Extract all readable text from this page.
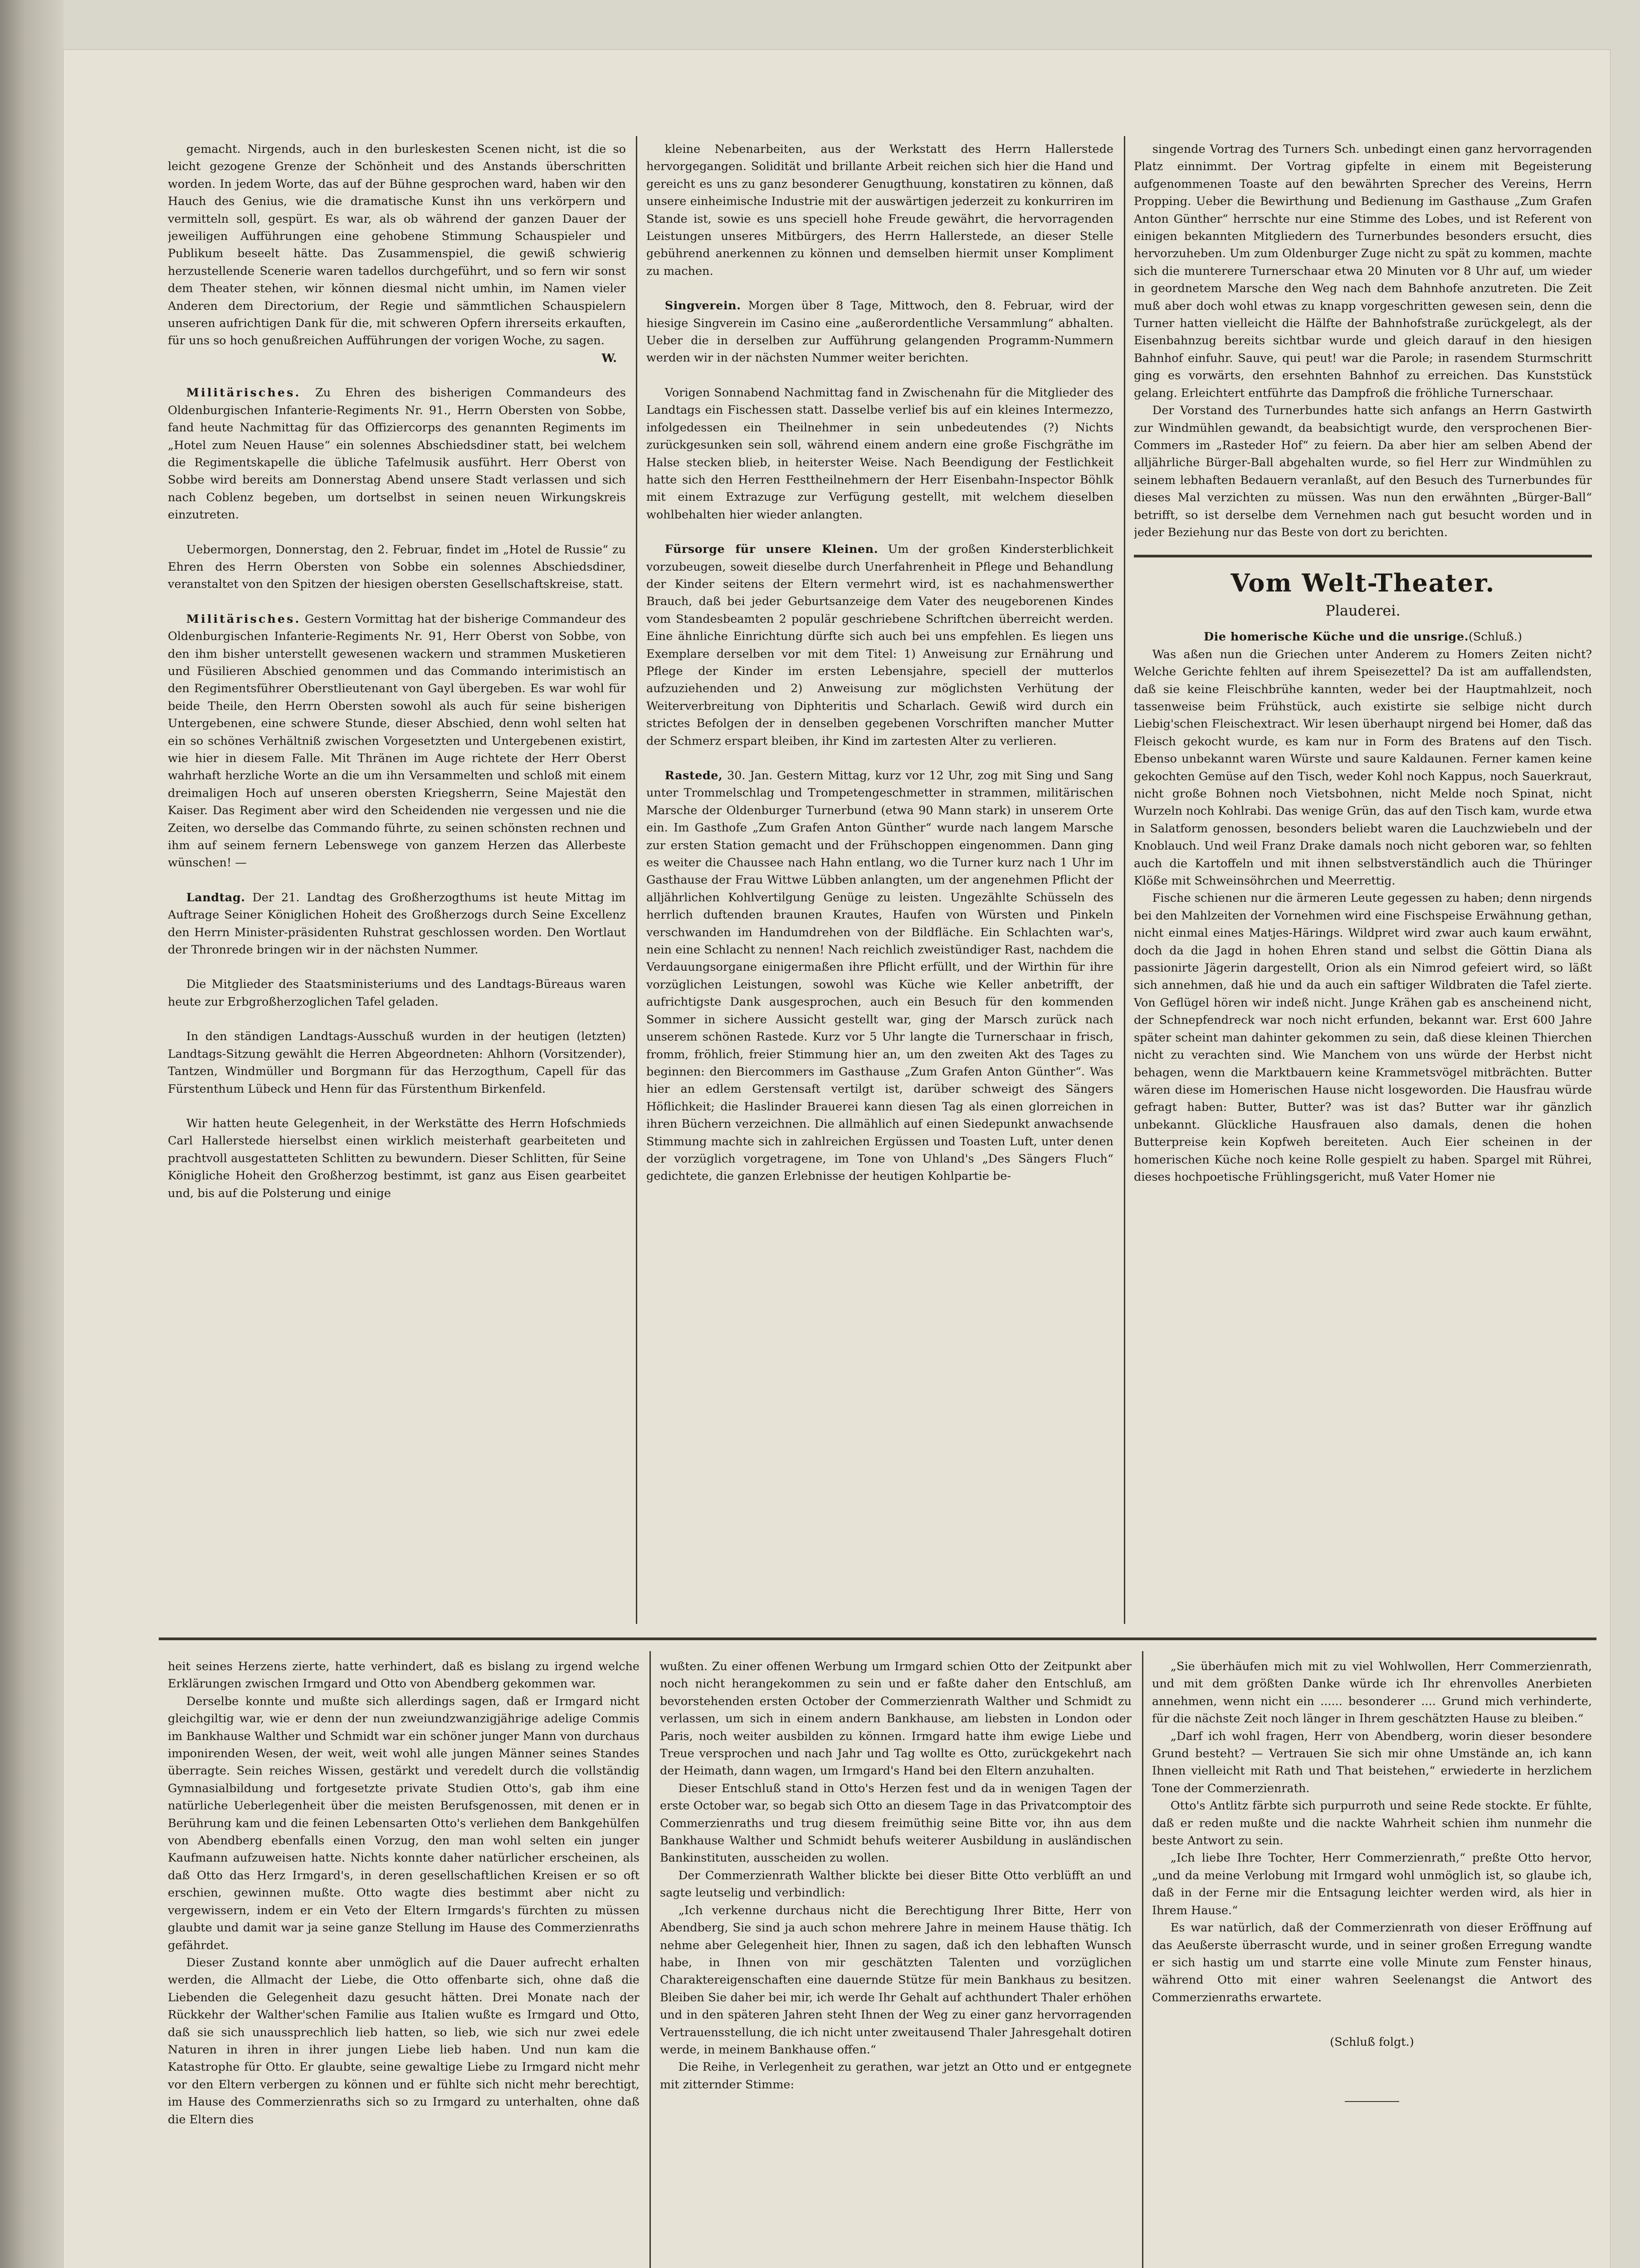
gemacht. Nirgends, auch in den burleskesten Scenen nicht, ist die so leicht gezogene Grenze der Schönheit und des Anstands überschritten worden. In jedem Worte, das auf der Bühne gesprochen ward, haben wir den Hauch des Genius, wie die dramatische Kunst ihn uns verkörpern und vermitteln soll, gespürt. Es war, als ob während der ganzen Dauer der jeweiligen Aufführungen eine gehobene Stimmung Schauspieler und Publikum beseelt hätte. Das Zusammenspiel, die gewiß schwierig herzustellende Scenerie waren tadellos durchgeführt, und so fern wir sonst dem Theater stehen, wir können diesmal nicht umhin, im Namen vieler Anderen dem Directorium, der Regie und sämmtlichen Schauspielern unseren aufrichtigen Dank für die, mit schweren Opfern ihrerseits erkauften, für uns so hoch genußreichen Aufführungen der vorigen Woche, zu sagen.

W.

Militärisches. Zu Ehren des bisherigen Commandeurs des Oldenburgischen Infanterie-Regiments Nr. 91., Herrn Obersten von Sobbe, fand heute Nachmittag für das Offiziercorps des genannten Regiments im „Hotel zum Neuen Hause“ ein solennes Abschiedsdiner statt, bei welchem die Regimentskapelle die übliche Tafelmusik ausführt. Herr Oberst von Sobbe wird bereits am Donnerstag Abend unsere Stadt verlassen und sich nach Coblenz begeben, um dortselbst in seinen neuen Wirkungskreis einzutreten.

Uebermorgen, Donnerstag, den 2. Februar, findet im „Hotel de Russie“ zu Ehren des Herrn Obersten von Sobbe ein solennes Abschiedsdiner, veranstaltet von den Spitzen der hiesigen obersten Gesellschaftskreise, statt.

Militärisches. Gestern Vormittag hat der bisherige Commandeur des Oldenburgischen Infanterie-Regiments Nr. 91, Herr Oberst von Sobbe, von den ihm bisher unterstellt gewesenen wackern und strammen Musketieren und Füsilieren Abschied genommen und das Commando interimistisch an den Regimentsführer Oberstlieutenant von Gayl übergeben. Es war wohl für beide Theile, den Herrn Obersten sowohl als auch für seine bisherigen Untergebenen, eine schwere Stunde, dieser Abschied, denn wohl selten hat ein so schönes Verhältniß zwischen Vorgesetzten und Untergebenen existirt, wie hier in diesem Falle. Mit Thränen im Auge richtete der Herr Oberst wahrhaft herzliche Worte an die um ihn Versammelten und schloß mit einem dreimaligen Hoch auf unseren obersten Kriegsherrn, Seine Majestät den Kaiser. Das Regiment aber wird den Scheidenden nie vergessen und nie die Zeiten, wo derselbe das Commando führte, zu seinen schönsten rechnen und ihm auf seinem fernern Lebenswege von ganzem Herzen das Allerbeste wünschen! —

Landtag. Der 21. Landtag des Großherzogthums ist heute Mittag im Auftrage Seiner Königlichen Hoheit des Großherzogs durch Seine Excellenz den Herrn Minister-präsidenten Ruhstrat geschlossen worden. Den Wortlaut der Thronrede bringen wir in der nächsten Nummer.

Die Mitglieder des Staatsministeriums und des Landtags-Büreaus waren heute zur Erbgroßherzoglichen Tafel geladen.

In den ständigen Landtags-Ausschuß wurden in der heutigen (letzten) Landtags-Sitzung gewählt die Herren Abgeordneten: Ahlhorn (Vorsitzender), Tantzen, Windmüller und Borgmann für das Herzogthum, Capell für das Fürstenthum Lübeck und Henn für das Fürstenthum Birkenfeld.

Wir hatten heute Gelegenheit, in der Werkstätte des Herrn Hofschmieds Carl Hallerstede hierselbst einen wirklich meisterhaft gearbeiteten und prachtvoll ausgestatteten Schlitten zu bewundern. Dieser Schlitten, für Seine Königliche Hoheit den Großherzog bestimmt, ist ganz aus Eisen gearbeitet und, bis auf die Polsterung und einige

kleine Nebenarbeiten, aus der Werkstatt des Herrn Hallerstede hervorgegangen. Solidität und brillante Arbeit reichen sich hier die Hand und gereicht es uns zu ganz besonderer Genugthuung, konstatiren zu können, daß unsere einheimische Industrie mit der auswärtigen jederzeit zu konkurriren im Stande ist, sowie es uns speciell hohe Freude gewährt, die hervorragenden Leistungen unseres Mitbürgers, des Herrn Hallerstede, an dieser Stelle gebührend anerkennen zu können und demselben hiermit unser Kompliment zu machen.

Singverein. Morgen über 8 Tage, Mittwoch, den 8. Februar, wird der hiesige Singverein im Casino eine „außerordentliche Versammlung“ abhalten. Ueber die in derselben zur Aufführung gelangenden Programm-Nummern werden wir in der nächsten Nummer weiter berichten.

Vorigen Sonnabend Nachmittag fand in Zwischenahn für die Mitglieder des Landtags ein Fischessen statt. Dasselbe verlief bis auf ein kleines Intermezzo, infolgedessen ein Theilnehmer in sein unbedeutendes (?) Nichts zurückgesunken sein soll, während einem andern eine große Fischgräthe im Halse stecken blieb, in heiterster Weise. Nach Beendigung der Festlichkeit hatte sich den Herren Festtheilnehmern der Herr Eisenbahn-Inspector Böhlk mit einem Extrazuge zur Verfügung gestellt, mit welchem dieselben wohlbehalten hier wieder anlangten.

Fürsorge für unsere Kleinen. Um der großen Kindersterblichkeit vorzubeugen, soweit dieselbe durch Unerfahrenheit in Pflege und Behandlung der Kinder seitens der Eltern vermehrt wird, ist es nachahmenswerther Brauch, daß bei jeder Geburtsanzeige dem Vater des neugeborenen Kindes vom Standesbeamten 2 populär geschriebene Schriftchen überreicht werden. Eine ähnliche Einrichtung dürfte sich auch bei uns empfehlen. Es liegen uns Exemplare derselben vor mit dem Titel: 1) Anweisung zur Ernährung und Pflege der Kinder im ersten Lebensjahre, speciell der mutterlos aufzuziehenden und 2) Anweisung zur möglichsten Verhütung der Weiterverbreitung von Diphteritis und Scharlach. Gewiß wird durch ein strictes Befolgen der in denselben gegebenen Vorschriften mancher Mutter der Schmerz erspart bleiben, ihr Kind im zartesten Alter zu verlieren.

Rastede, 30. Jan. Gestern Mittag, kurz vor 12 Uhr, zog mit Sing und Sang unter Trommelschlag und Trompetengeschmetter in strammen, militärischen Marsche der Oldenburger Turnerbund (etwa 90 Mann stark) in unserem Orte ein. Im Gasthofe „Zum Grafen Anton Günther“ wurde nach langem Marsche zur ersten Station gemacht und der Frühschoppen eingenommen. Dann ging es weiter die Chaussee nach Hahn entlang, wo die Turner kurz nach 1 Uhr im Gasthause der Frau Wittwe Lübben anlangten, um der angenehmen Pflicht der alljährlichen Kohlvertilgung Genüge zu leisten. Ungezählte Schüsseln des herrlich duftenden braunen Krautes, Haufen von Würsten und Pinkeln verschwanden im Handumdrehen von der Bildfläche. Ein Schlachten war's, nein eine Schlacht zu nennen! Nach reichlich zweistündiger Rast, nachdem die Verdauungsorgane einigermaßen ihre Pflicht erfüllt, und der Wirthin für ihre vorzüglichen Leistungen, sowohl was Küche wie Keller anbetrifft, der aufrichtigste Dank ausgesprochen, auch ein Besuch für den kommenden Sommer in sichere Aussicht gestellt war, ging der Marsch zurück nach unserem schönen Rastede. Kurz vor 5 Uhr langte die Turnerschaar in frisch, fromm, fröhlich, freier Stimmung hier an, um den zweiten Akt des Tages zu beginnen: den Biercommers im Gasthause „Zum Grafen Anton Günther“. Was hier an edlem Gerstensaft vertilgt ist, darüber schweigt des Sängers Höflichkeit; die Haslinder Brauerei kann diesen Tag als einen glorreichen in ihren Büchern verzeichnen. Die allmählich auf einen Siedepunkt anwachsende Stimmung machte sich in zahlreichen Ergüssen und Toasten Luft, unter denen der vorzüglich vorgetragene, im Tone von Uhland's „Des Sängers Fluch“ gedichtete, die ganzen Erlebnisse der heutigen Kohlpartie be-

singende Vortrag des Turners Sch. unbedingt einen ganz hervorragenden Platz einnimmt. Der Vortrag gipfelte in einem mit Begeisterung aufgenommenen Toaste auf den bewährten Sprecher des Vereins, Herrn Propping. Ueber die Bewirthung und Bedienung im Gasthause „Zum Grafen Anton Günther“ herrschte nur eine Stimme des Lobes, und ist Referent von einigen bekannten Mitgliedern des Turnerbundes besonders ersucht, dies hervorzuheben. Um zum Oldenburger Zuge nicht zu spät zu kommen, machte sich die munterere Turnerschaar etwa 20 Minuten vor 8 Uhr auf, um wieder in geordnetem Marsche den Weg nach dem Bahnhofe anzutreten. Die Zeit muß aber doch wohl etwas zu knapp vorgeschritten gewesen sein, denn die Turner hatten vielleicht die Hälfte der Bahnhofstraße zurückgelegt, als der Eisenbahnzug bereits sichtbar wurde und gleich darauf in den hiesigen Bahnhof einfuhr. Sauve, qui peut! war die Parole; in rasendem Sturmschritt ging es vorwärts, den ersehnten Bahnhof zu erreichen. Das Kunststück gelang. Erleichtert entführte das Dampfroß die fröhliche Turnerschaar.

Der Vorstand des Turnerbundes hatte sich anfangs an Herrn Gastwirth zur Windmühlen gewandt, da beabsichtigt wurde, den versprochenen Bier-Commers im „Rasteder Hof“ zu feiern. Da aber hier am selben Abend der alljährliche Bürger-Ball abgehalten wurde, so fiel Herr zur Windmühlen zu seinem lebhaften Bedauern veranlaßt, auf den Besuch des Turnerbundes für dieses Mal verzichten zu müssen. Was nun den erwähnten „Bürger-Ball“ betrifft, so ist derselbe dem Vernehmen nach gut besucht worden und in jeder Beziehung nur das Beste von dort zu berichten.

Vom Welt-Theater.
Plauderei.

Die homerische Küche und die unsrige.(Schluß.)

Was aßen nun die Griechen unter Anderem zu Homers Zeiten nicht? Welche Gerichte fehlten auf ihrem Speisezettel? Da ist am auffallendsten, daß sie keine Fleischbrühe kannten, weder bei der Hauptmahlzeit, noch tassenweise beim Frühstück, auch existirte sie selbige nicht durch Liebig'schen Fleischextract. Wir lesen überhaupt nirgend bei Homer, daß das Fleisch gekocht wurde, es kam nur in Form des Bratens auf den Tisch. Ebenso unbekannt waren Würste und saure Kaldaunen. Ferner kamen keine gekochten Gemüse auf den Tisch, weder Kohl noch Kappus, noch Sauerkraut, nicht große Bohnen noch Vietsbohnen, nicht Melde noch Spinat, nicht Wurzeln noch Kohlrabi. Das wenige Grün, das auf den Tisch kam, wurde etwa in Salatform genossen, besonders beliebt waren die Lauchzwiebeln und der Knoblauch. Und weil Franz Drake damals noch nicht geboren war, so fehlten auch die Kartoffeln und mit ihnen selbstverständlich auch die Thüringer Klöße mit Schweinsöhrchen und Meerrettig.

Fische schienen nur die ärmeren Leute gegessen zu haben; denn nirgends bei den Mahlzeiten der Vornehmen wird eine Fischspeise Erwähnung gethan, nicht einmal eines Matjes-Härings. Wildpret wird zwar auch kaum erwähnt, doch da die Jagd in hohen Ehren stand und selbst die Göttin Diana als passionirte Jägerin dargestellt, Orion als ein Nimrod gefeiert wird, so läßt sich annehmen, daß hie und da auch ein saftiger Wildbraten die Tafel zierte. Von Geflügel hören wir indeß nicht. Junge Krähen gab es anscheinend nicht, der Schnepfendreck war noch nicht erfunden, bekannt war. Erst 600 Jahre später scheint man dahinter gekommen zu sein, daß diese kleinen Thierchen nicht zu verachten sind. Wie Manchem von uns würde der Herbst nicht behagen, wenn die Marktbauern keine Krammetsvögel mitbrächten. Butter wären diese im Homerischen Hause nicht losgeworden. Die Hausfrau würde gefragt haben: Butter, Butter? was ist das? Butter war ihr gänzlich unbekannt. Glückliche Hausfrauen also damals, denen die hohen Butterpreise kein Kopfweh bereiteten. Auch Eier scheinen in der homerischen Küche noch keine Rolle gespielt zu haben. Spargel mit Rührei, dieses hochpoetische Frühlingsgericht, muß Vater Homer nie

heit seines Herzens zierte, hatte verhindert, daß es bislang zu irgend welche Erklärungen zwischen Irmgard und Otto von Abendberg gekommen war.

Derselbe konnte und mußte sich allerdings sagen, daß er Irmgard nicht gleichgiltig war, wie er denn der nun zweiundzwanzigjährige adelige Commis im Bankhause Walther und Schmidt war ein schöner junger Mann von durchaus imponirenden Wesen, der weit, weit wohl alle jungen Männer seines Standes überragte. Sein reiches Wissen, gestärkt und veredelt durch die vollständig Gymnasialbildung und fortgesetzte private Studien Otto's, gab ihm eine natürliche Ueberlegenheit über die meisten Berufsgenossen, mit denen er in Berührung kam und die feinen Lebensarten Otto's verliehen dem Bankgehülfen von Abendberg ebenfalls einen Vorzug, den man wohl selten ein junger Kaufmann aufzuweisen hatte. Nichts konnte daher natürlicher erscheinen, als daß Otto das Herz Irmgard's, in deren gesellschaftlichen Kreisen er so oft erschien, gewinnen mußte. Otto wagte dies bestimmt aber nicht zu vergewissern, indem er ein Veto der Eltern Irmgards's fürchten zu müssen glaubte und damit war ja seine ganze Stellung im Hause des Commerzienraths gefährdet.

Dieser Zustand konnte aber unmöglich auf die Dauer aufrecht erhalten werden, die Allmacht der Liebe, die Otto offenbarte sich, ohne daß die Liebenden die Gelegenheit dazu gesucht hätten. Drei Monate nach der Rückkehr der Walther'schen Familie aus Italien wußte es Irmgard und Otto, daß sie sich unaussprechlich lieb hatten, so lieb, wie sich nur zwei edele Naturen in ihren in ihrer jungen Liebe lieb haben. Und nun kam die Katastrophe für Otto. Er glaubte, seine gewaltige Liebe zu Irmgard nicht mehr vor den Eltern verbergen zu können und er fühlte sich nicht mehr berechtigt, im Hause des Commerzienraths sich so zu Irmgard zu unterhalten, ohne daß die Eltern dies

wußten. Zu einer offenen Werbung um Irmgard schien Otto der Zeitpunkt aber noch nicht herangekommen zu sein und er faßte daher den Entschluß, am bevorstehenden ersten October der Commerzienrath Walther und Schmidt zu verlassen, um sich in einem andern Bankhause, am liebsten in London oder Paris, noch weiter ausbilden zu können. Irmgard hatte ihm ewige Liebe und Treue versprochen und nach Jahr und Tag wollte es Otto, zurückgekehrt nach der Heimath, dann wagen, um Irmgard's Hand bei den Eltern anzuhalten.

Dieser Entschluß stand in Otto's Herzen fest und da in wenigen Tagen der erste October war, so begab sich Otto an diesem Tage in das Privatcomptoir des Commerzienraths und trug diesem freimüthig seine Bitte vor, ihn aus dem Bankhause Walther und Schmidt behufs weiterer Ausbildung in ausländischen Bankinstituten, ausscheiden zu wollen.

Der Commerzienrath Walther blickte bei dieser Bitte Otto verblüfft an und sagte leutselig und verbindlich:

„Ich verkenne durchaus nicht die Berechtigung Ihrer Bitte, Herr von Abendberg, Sie sind ja auch schon mehrere Jahre in meinem Hause thätig. Ich nehme aber Gelegenheit hier, Ihnen zu sagen, daß ich den lebhaften Wunsch habe, in Ihnen von mir geschätzten Talenten und vorzüglichen Charaktereigenschaften eine dauernde Stütze für mein Bankhaus zu besitzen. Bleiben Sie daher bei mir, ich werde Ihr Gehalt auf achthundert Thaler erhöhen und in den späteren Jahren steht Ihnen der Weg zu einer ganz hervorragenden Vertrauensstellung, die ich nicht unter zweitausend Thaler Jahresgehalt dotiren werde, in meinem Bankhause offen.“

Die Reihe, in Verlegenheit zu gerathen, war jetzt an Otto und er entgegnete mit zitternder Stimme:

„Sie überhäufen mich mit zu viel Wohlwollen, Herr Commerzienrath, und mit dem größten Danke würde ich Ihr ehrenvolles Anerbieten annehmen, wenn nicht ein ...... besonderer .... Grund mich verhinderte, für die nächste Zeit noch länger in Ihrem geschätzten Hause zu bleiben.“

„Darf ich wohl fragen, Herr von Abendberg, worin dieser besondere Grund besteht? — Vertrauen Sie sich mir ohne Umstände an, ich kann Ihnen vielleicht mit Rath und That beistehen,“ erwiederte in herzlichem Tone der Commerzienrath.

Otto's Antlitz färbte sich purpurroth und seine Rede stockte. Er fühlte, daß er reden mußte und die nackte Wahrheit schien ihm nunmehr die beste Antwort zu sein.

„Ich liebe Ihre Tochter, Herr Commerzienrath,“ preßte Otto hervor, „und da meine Verlobung mit Irmgard wohl unmöglich ist, so glaube ich, daß in der Ferne mir die Entsagung leichter werden wird, als hier in Ihrem Hause.“

Es war natürlich, daß der Commerzienrath von dieser Eröffnung auf das Aeußerste überrascht wurde, und in seiner großen Erregung wandte er sich hastig um und starrte eine volle Minute zum Fenster hinaus, während Otto mit einer wahren Seelenangst die Antwort des Commerzienraths erwartete.

(Schluß folgt.)
